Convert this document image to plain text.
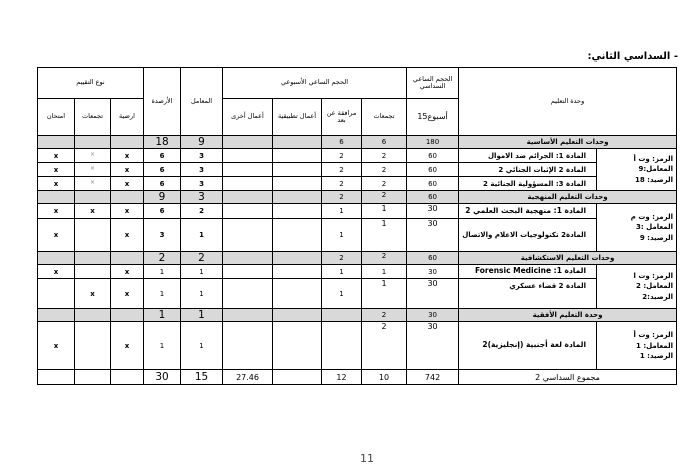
- السداسي الثاني:
نوع التقييم			الأرصدة	المعامل	الحجم الساعي الأسبوعي				الحجم الساعي السداسي	وحدة التعليم	
امتحان	تجمعات	ارضية			أعمال أخرى	أعمال تطبيقية	مرافقة عن بعد	تجمعات	15أسبوع		
			18	9			6	6	180	وحدات التعليم الأساسية	
x	×	x	6	3			2	2	60	المادة 1: الجرائم ضد الاموال	الرمز: وت أ
المعامل:9
الرصيد: 18

x	×	x	6	3			2	2	60	المادة 2 الإثبات الجنائي 2	
x	×	x	6	3			2	2	60	المادة 3: المسؤولية الجنائية 2	
			9	3			2	2	60	وحدات التعليم المنهجية	
x	x	x	6	2			1	1	30	المادة 1: منهجية البحث العلمي 2	الرمز: وت م
المعامل :3
الرصيد: 9

x		x	3	1			1	1	30	المادة2 تكنولوجيات الاعلام والاتصال	
			2	2			2	2	60	وحدات التعليم الاستكشافية	
x		x	1	1			1	1	30	المادة 1: Forensic Medicine	الرمز: وت ا
المعامل: 2
الرصيد:2

	x	x	1	1			1	1	30	المادة 2 قضاء عسكري	
			1	1				2	30	وحدة التعليم الأفقية	
x		x	1	1				2	30	المادة لغة أجنبية (إنجليزية)2	الرمز: وت أ
المعامل: 1
الرصيد: 1

			30	15	27.46		12	10	742	مجموع السداسي 2	
11
